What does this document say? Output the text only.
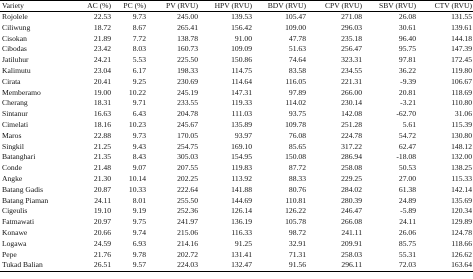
Variety	AC (%)	PC (%)	PV (RVU)	HPV (RVU)	BDV (RVU)	CPV (RVU)	SBV (RVU)	CTV (RVU)
Rojolele	22.53	9.73	245.00	139.53	105.47	271.08	26.08	131.55
Ciliwung	18.72	8.67	265.41	156.42	109.00	296.03	30.61	139.61
Cisokan	21.89	7.72	138.78	91.00	47.78	235.18	96.40	144.18
Cibodas	23.42	8.03	160.73	109.09	51.63	256.47	95.75	147.39
Jatiluhur	24.21	5.53	225.50	150.86	74.64	323.31	97.81	172.45
Kalimutu	23.04	6.17	198.33	114.75	83.58	234.55	36.22	119.80
Cirata	20.41	9.25	230.69	114.64	116.05	221.31	-9.39	106.67
Memberamo	19.00	10.22	245.19	147.31	97.89	266.00	20.81	118.69
Cherang	18.31	9.71	233.55	119.33	114.02	230.14	-3.21	110.80
Sintanur	16.63	6.43	204.78	111.03	93.75	142.08	-62.70	31.06
Cimelati	18.16	10.23	245.67	135.89	109.78	251.28	5.61	115.39
Maros	22.88	9.73	170.05	93.97	76.08	224.78	54.72	130.80
Singkil	21.25	9.43	254.75	169.10	85.65	317.22	62.47	148.12
Batanghari	21.35	8.43	305.03	154.95	150.08	286.94	-18.08	132.00
Conde	21.48	9.07	207.55	119.83	87.72	258.08	50.53	138.25
Angke	21.30	10.14	202.25	113.92	88.33	229.25	27.00	115.33
Batang Gadis	20.87	10.33	222.64	141.88	80.76	284.02	61.38	142.14
Batang Piaman	24.11	8.01	255.50	144.69	110.81	280.39	24.89	135.69
Cigeulis	19.10	9.19	252.36	126.14	126.22	246.47	-5.89	120.34
Fatmawati	20.97	9.75	241.97	136.19	105.78	266.08	24.11	129.89
Konawe	20.66	9.74	215.06	116.33	98.72	241.11	26.06	124.78
Logawa	24.59	6.93	214.16	91.25	32.91	209.91	85.75	118.66
Pepe	21.76	9.78	202.72	131.41	71.31	258.03	55.31	126.62
Tukad Balian	26.51	9.57	224.03	132.47	91.56	296.11	72.03	163.64
